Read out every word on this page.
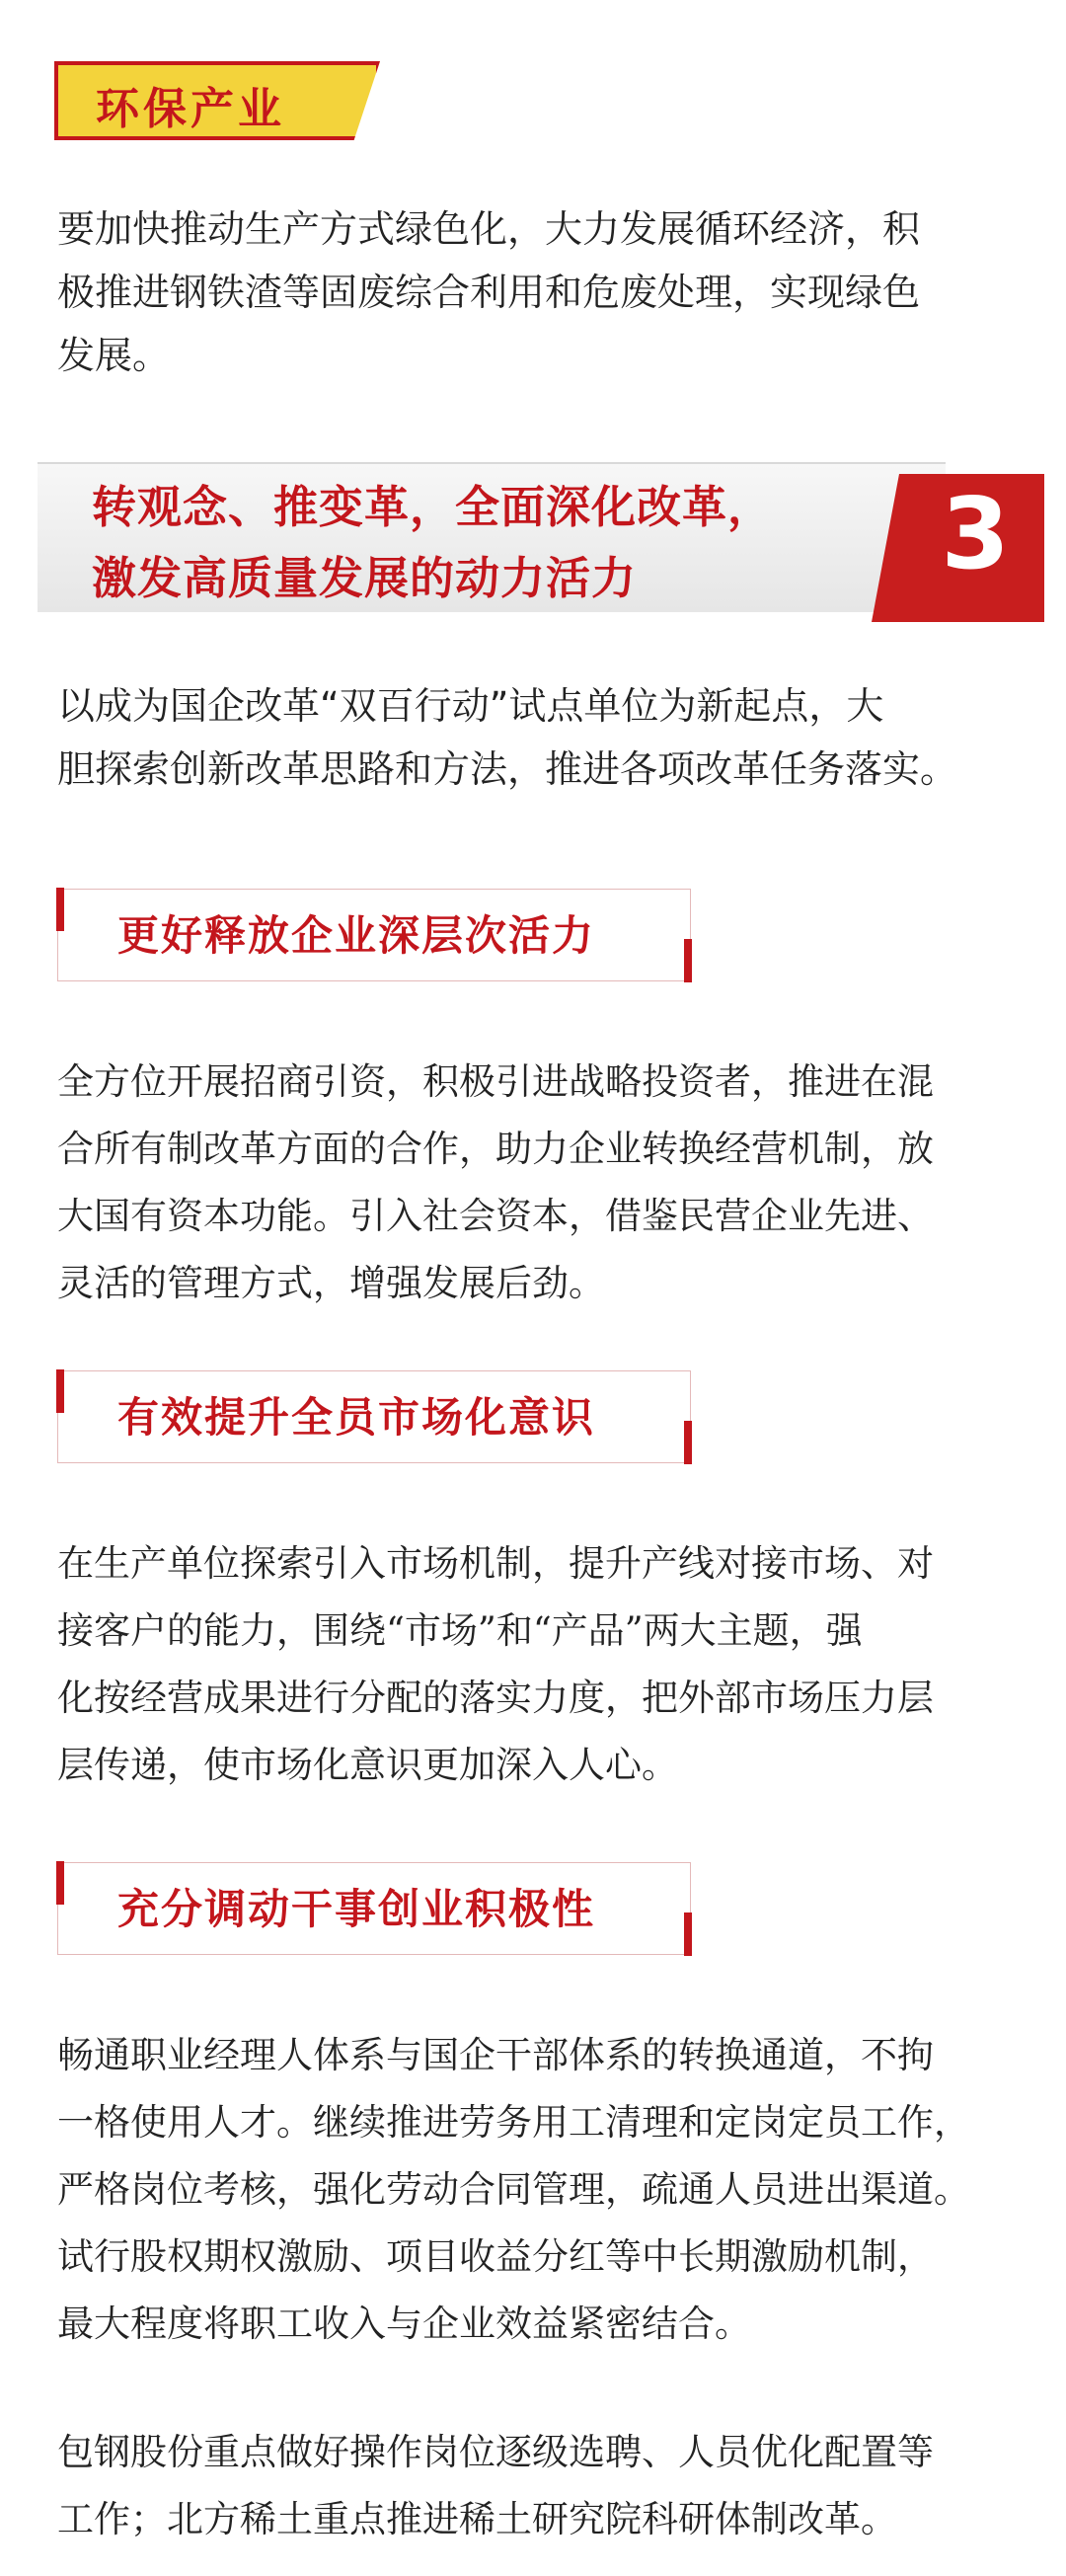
环保产业
要加快推动生产方式绿色化，大力发展循环经济，积
极推进钢铁渣等固废综合利用和危废处理，实现绿色
发展。
转观念、推变革，全面深化改革，
激发高质量发展的动力活力	3
以成为国企改革“双百行动”试点单位为新起点，大
胆探索创新改革思路和方法，推进各项改革任务落实。
更好释放企业深层次活力
全方位开展招商引资，积极引进战略投资者，推进在混
合所有制改革方面的合作，助力企业转换经营机制，放
大国有资本功能。引入社会资本，借鉴民营企业先进、
灵活的管理方式，增强发展后劲。
有效提升全员市场化意识
在生产单位探索引入市场机制，提升产线对接市场、对
接客户的能力，围绕“市场”和“产品”两大主题，强
化按经营成果进行分配的落实力度，把外部市场压力层
层传递，使市场化意识更加深入人心。
充分调动干事创业积极性
畅通职业经理人体系与国企干部体系的转换通道，不拘
一格使用人才。继续推进劳务用工清理和定岗定员工作，
严格岗位考核，强化劳动合同管理，疏通人员进出渠道。
试行股权期权激励、项目收益分红等中长期激励机制，
最大程度将职工收入与企业效益紧密结合。
包钢股份重点做好操作岗位逐级选聘、人员优化配置等
工作；北方稀土重点推进稀土研究院科研体制改革。
